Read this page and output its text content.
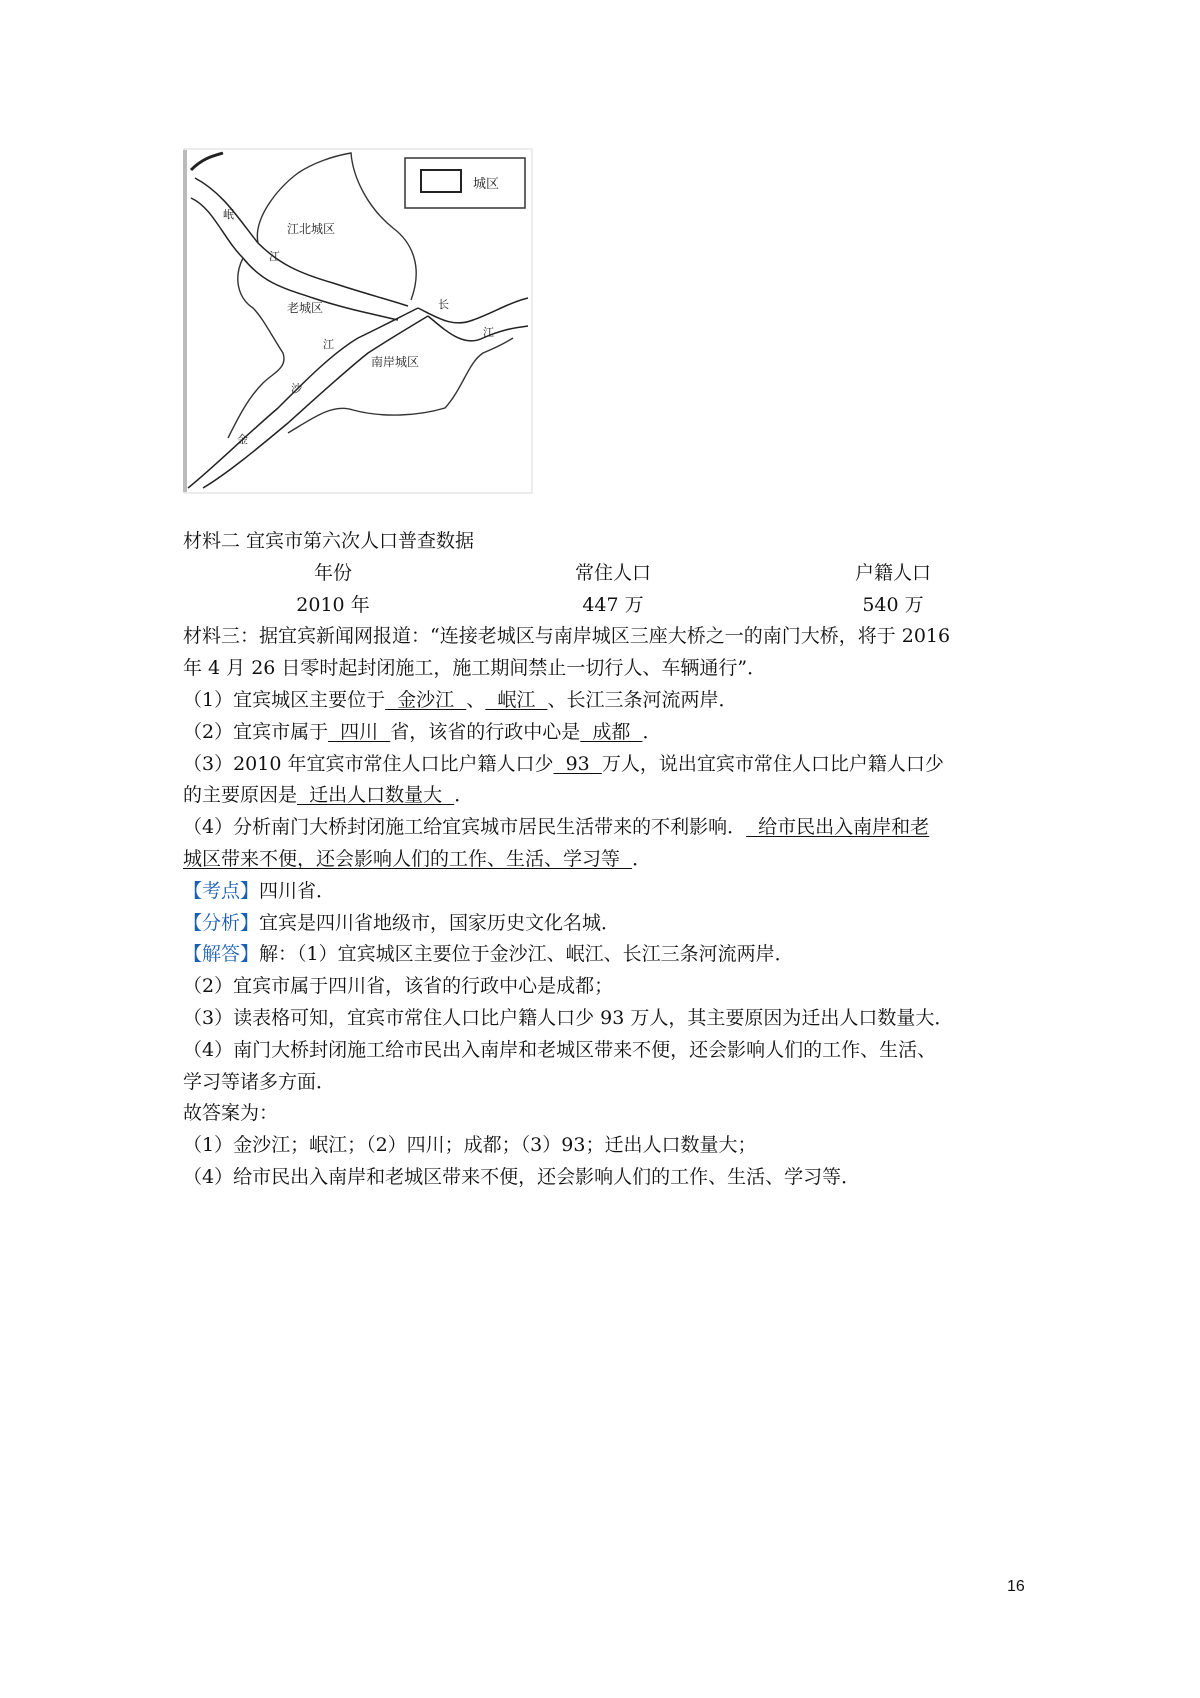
城区
江北城区
老城区
南岸城区
岷
江
江
沙
金
长
江
材料二 宜宾市第六次人口普查数据
年份	常住人口	户籍人口
2010 年	447 万	540 万
材料三：据宜宾新闻网报道：“连接老城区与南岸城区三座大桥之一的南门大桥，将于 2016
年 4 月 26 日零时起封闭施工，施工期间禁止一切行人、车辆通行”．
（1）宜宾城区主要位于  金沙江  、  岷江  、长江三条河流两岸．
（2）宜宾市属于  四川  省，该省的行政中心是  成都  ．
（3）2010 年宜宾市常住人口比户籍人口少  93  万人，说出宜宾市常住人口比户籍人口少
的主要原因是  迁出人口数量大  ．
（4）分析南门大桥封闭施工给宜宾城市居民生活带来的不利影响．  给市民出入南岸和老
城区带来不便，还会影响人们的工作、生活、学习等  ．
【考点】四川省．
【分析】宜宾是四川省地级市，国家历史文化名城．
【解答】解：（1）宜宾城区主要位于金沙江、岷江、长江三条河流两岸．
（2）宜宾市属于四川省，该省的行政中心是成都；
（3）读表格可知，宜宾市常住人口比户籍人口少 93 万人，其主要原因为迁出人口数量大．
（4）南门大桥封闭施工给市民出入南岸和老城区带来不便，还会影响人们的工作、生活、
学习等诸多方面．
故答案为：
（1）金沙江；岷江；（2）四川；成都；（3）93；迁出人口数量大；
（4）给市民出入南岸和老城区带来不便，还会影响人们的工作、生活、学习等．
16
